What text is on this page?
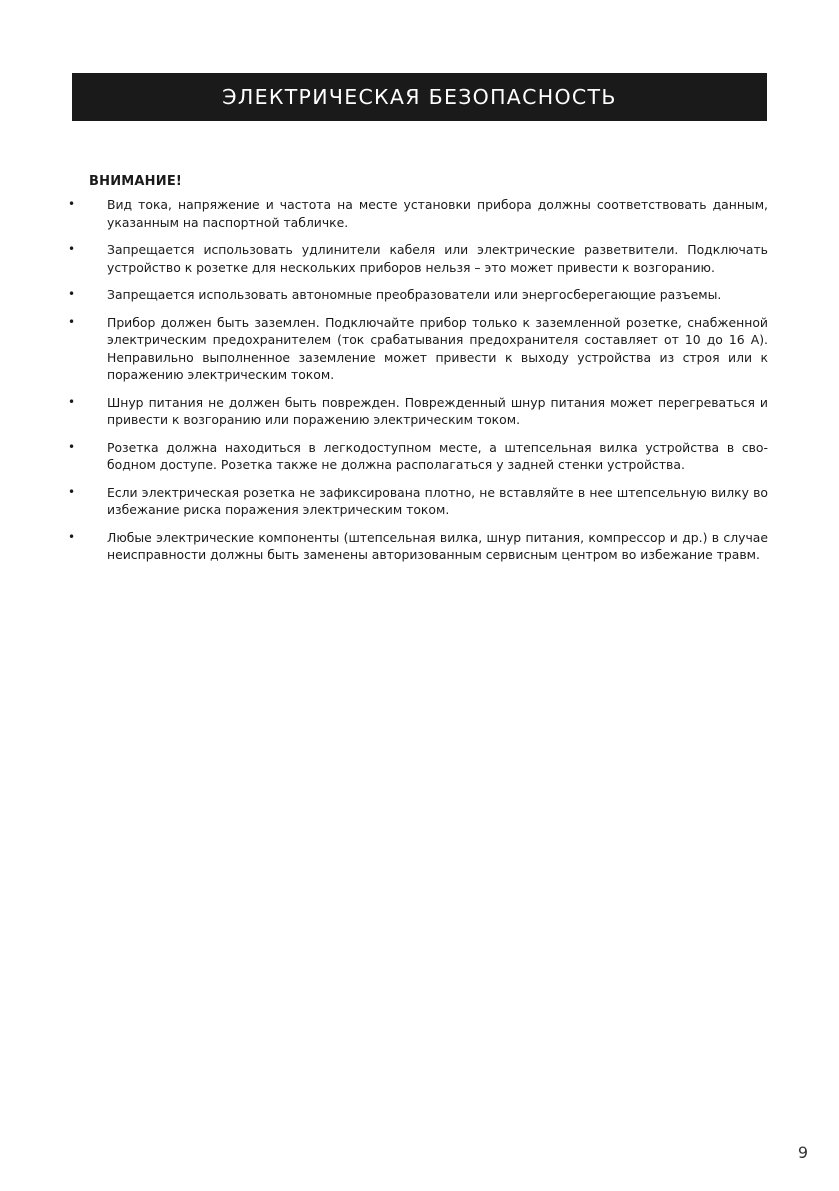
ЭЛЕКТРИЧЕСКАЯ БЕЗОПАСНОСТЬ
ВНИМАНИЕ!
•	Вид тока, напряжение и частота на месте установки прибора должны соответствовать данным, указанным на паспортной табличке.
•	Запрещается использовать удлинители кабеля или электрические разветвители. Подключать устройство к розетке для нескольких приборов нельзя – это может привести к возгоранию.
•	Запрещается использовать автономные преобразователи или энергосберегающие разъемы.
•	Прибор должен быть заземлен. Подключайте прибор только к заземленной розетке, снабженной электрическим предохранителем (ток срабатывания предохранителя составляет от 10 до 16 А). Неправильно выполненное заземление может привести к выходу устройства из строя или к поражению электрическим током.
•	Шнур питания не должен быть поврежден. Поврежденный шнур питания может перегреваться и привести к возгоранию или поражению электрическим током.
•	Розетка должна находиться в легкодоступном месте, а штепсельная вилка устройства в свободном доступе. Розетка также не должна располагаться у задней стенки устройства.
•	Если электрическая розетка не зафиксирована плотно, не вставляйте в нее штепсельную вилку во избежание риска поражения электрическим током.
•	Любые электрические компоненты (штепсельная вилка, шнур питания, компрессор и др.) в случае неисправности должны быть заменены авторизованным сервисным центром во избежание травм.
9
